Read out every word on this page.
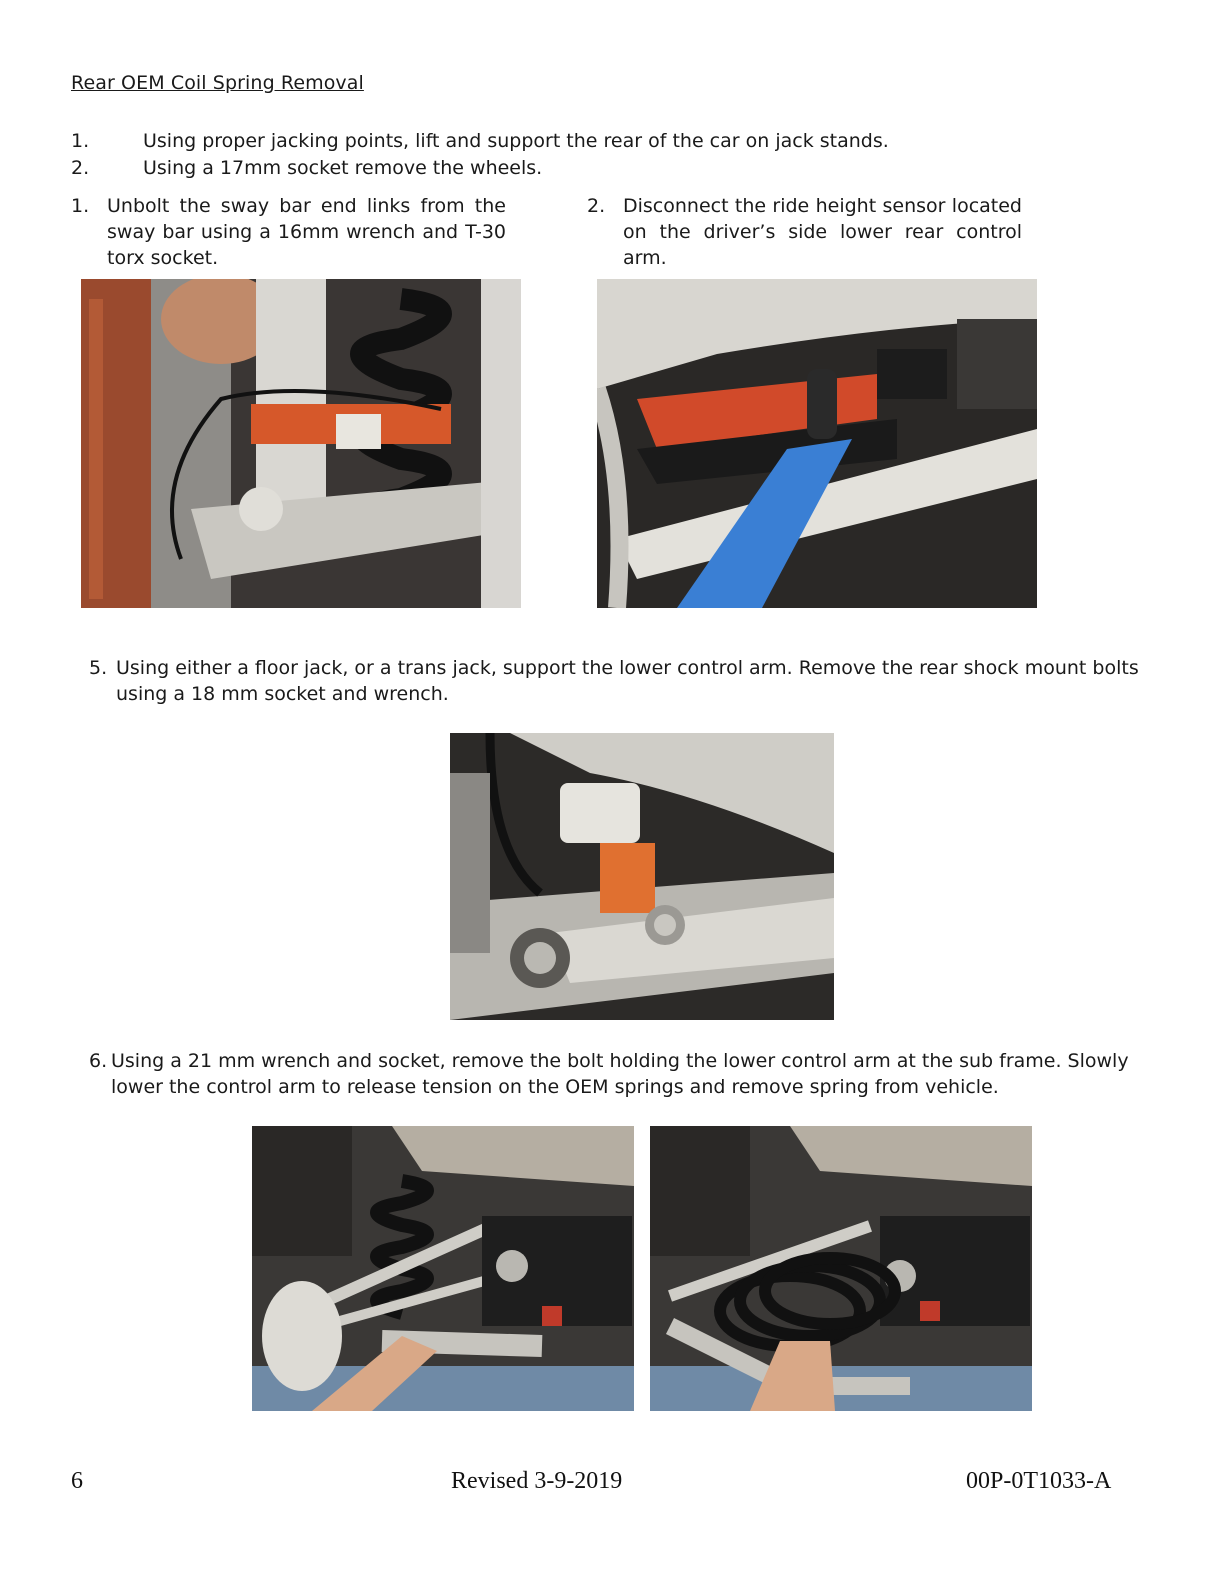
Rear OEM Coil Spring Removal
1.	Using proper jacking points, lift and support the rear of the car on jack stands.
2.	Using a 17mm socket remove the wheels.
1. Unbolt the sway bar end links from the sway bar using a 16mm wrench and T-30 torx socket.
2. Disconnect the ride height sensor located on the driver’s side lower rear control arm.
5. Using either a floor jack, or a trans jack, support the lower control arm. Remove the rear shock mount bolts using a 18 mm socket and wrench.
6. Using a 21 mm wrench and socket, remove the bolt holding the lower control arm at the sub frame. Slowly lower the control arm to release tension on the OEM springs and remove spring from vehicle.
6	Revised 3-9-2019	00P-0T1033-A
